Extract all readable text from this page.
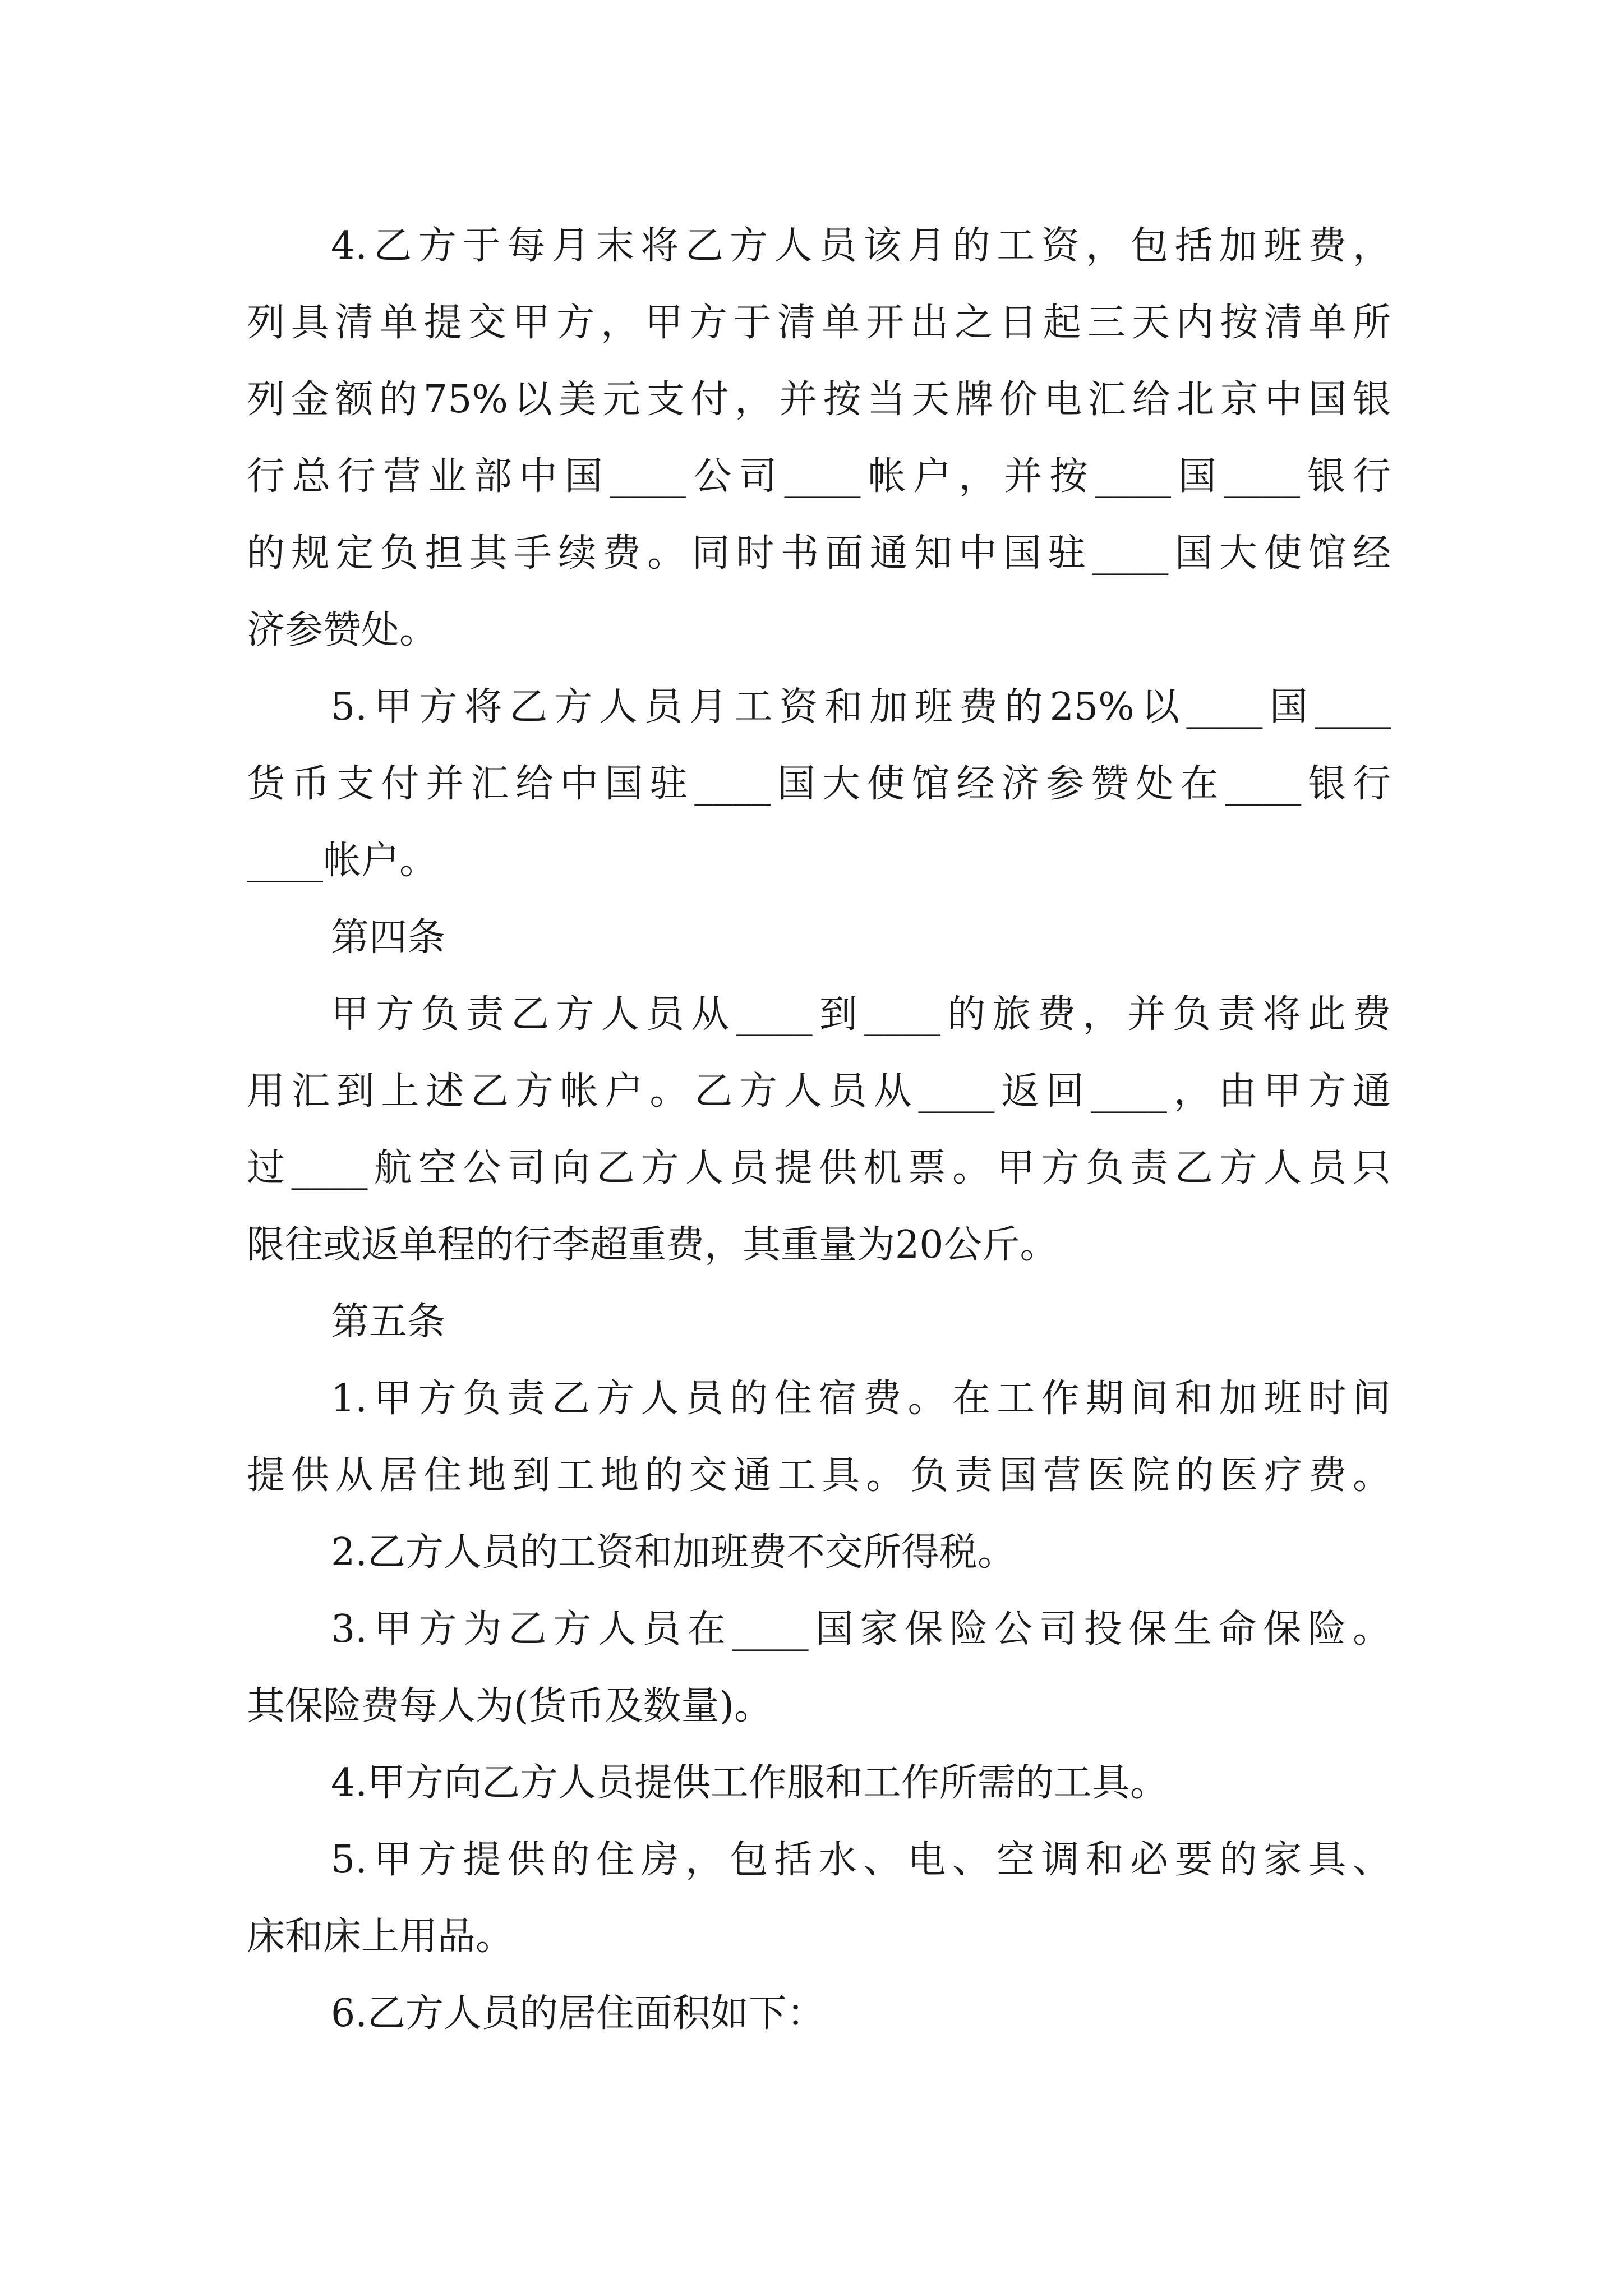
4.乙方于每月末将乙方人员该月的工资，包括加班费，
列具清单提交甲方，甲方于清单开出之日起三天内按清单所
列金额的75%以美元支付，并按当天牌价电汇给北京中国银
行总行营业部中国____公司____帐户，并按____国____银行
的规定负担其手续费。同时书面通知中国驻____国大使馆经
济参赞处。
5.甲方将乙方人员月工资和加班费的25%以____国____
货币支付并汇给中国驻____国大使馆经济参赞处在____银行
____帐户。
第四条
甲方负责乙方人员从____到____的旅费，并负责将此费
用汇到上述乙方帐户。乙方人员从____返回____，由甲方通
过____航空公司向乙方人员提供机票。甲方负责乙方人员只
限往或返单程的行李超重费，其重量为20公斤。
第五条
1.甲方负责乙方人员的住宿费。在工作期间和加班时间
提供从居住地到工地的交通工具。负责国营医院的医疗费。
2.乙方人员的工资和加班费不交所得税。
3.甲方为乙方人员在____国家保险公司投保生命保险。
其保险费每人为(货币及数量)。
4.甲方向乙方人员提供工作服和工作所需的工具。
5.甲方提供的住房，包括水、电、空调和必要的家具、
床和床上用品。
6.乙方人员的居住面积如下：
